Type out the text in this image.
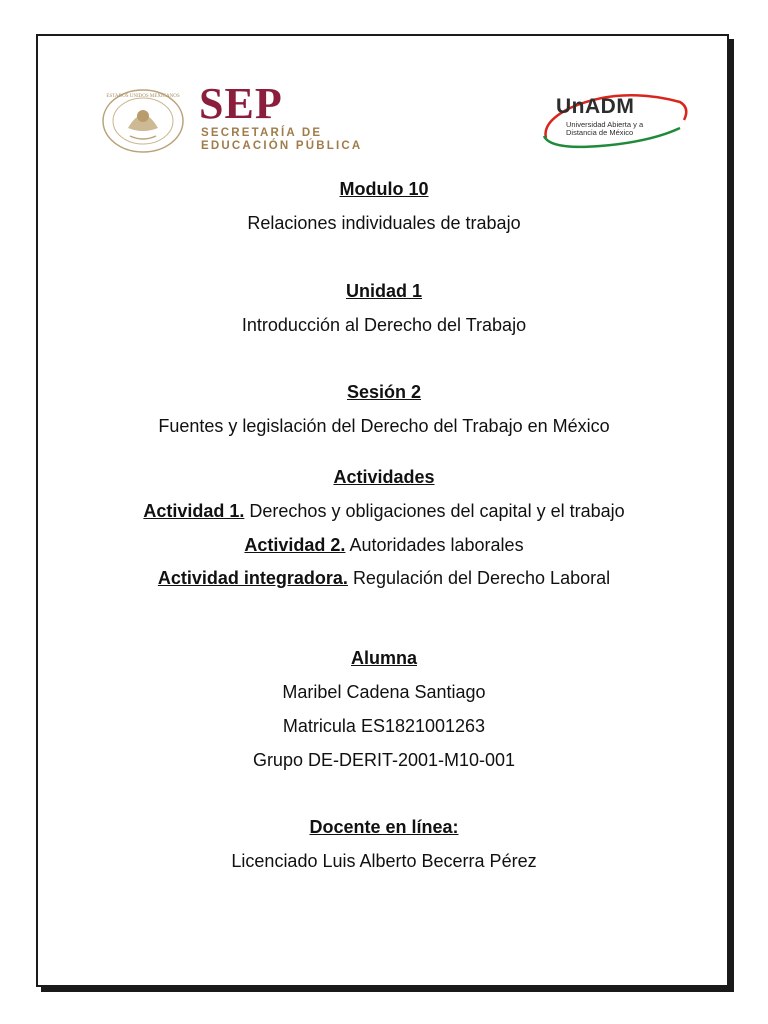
ESTADOS UNIDOS MEXICANOS SEP
SECRETARÍA DE
EDUCACIÓN PÚBLICA
UnADM
Universidad Abierta y a
Distancia de México
Modulo 10
Relaciones individuales de trabajo
Unidad 1
Introducción al Derecho del Trabajo
Sesión 2
Fuentes y legislación del Derecho del Trabajo en México
Actividades
Actividad 1. Derechos y obligaciones del capital y el trabajo
Actividad 2. Autoridades laborales
Actividad integradora. Regulación del Derecho Laboral
Alumna
Maribel Cadena Santiago
Matricula ES1821001263
Grupo DE-DERIT-2001-M10-001
Docente en línea:
Licenciado Luis Alberto Becerra Pérez
